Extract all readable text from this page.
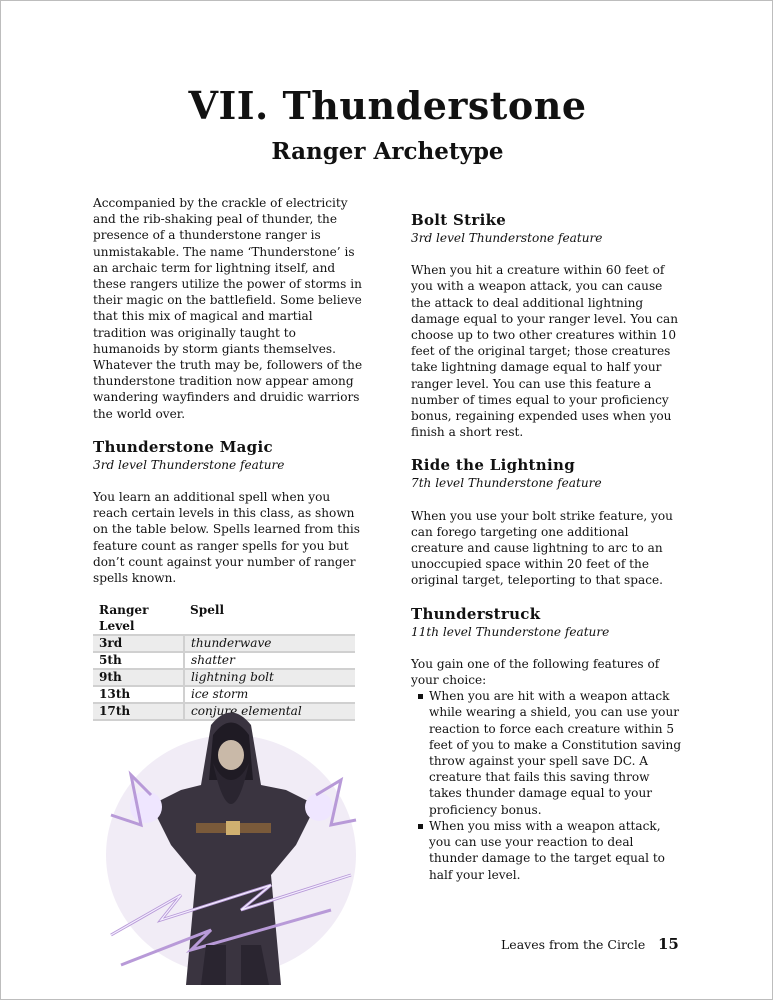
VII. Thunderstone
Ranger Archetype

Accompanied by the crackle of electricity and the rib-shaking peal of thunder, the presence of a thunderstone ranger is unmistakable. The name ‘Thunderstone’ is an archaic term for lightning itself, and these rangers utilize the power of storms in their magic on the battlefield. Some believe that this mix of magical and martial tradition was originally taught to humanoids by storm giants themselves. Whatever the truth may be, followers of the thunderstone tradition now appear among wandering wayfinders and druidic warriors the world over.

Thunderstone Magic
3rd level Thunderstone feature

You learn an additional spell when you reach certain levels in this class, as shown on the table below. Spells learned from this feature count as ranger spells for you but don’t count against your number of ranger spells known.

Ranger Level	Spell
3rd	thunderwave
5th	shatter
9th	lightning bolt
13th	ice storm
17th	conjure elemental
Bolt Strike
3rd level Thunderstone feature

When you hit a creature within 60 feet of you with a weapon attack, you can cause the attack to deal additional lightning damage equal to your ranger level. You can choose up to two other creatures within 10 feet of the original target; those creatures take lightning damage equal to half your ranger level. You can use this feature a number of times equal to your proficiency bonus, regaining expended uses when you finish a short rest.

Ride the Lightning
7th level Thunderstone feature

When you use your bolt strike feature, you can forego targeting one additional creature and cause lightning to arc to an unoccupied space within 20 feet of the original target, teleporting to that space.

Thunderstruck
11th level Thunderstone feature

You gain one of the following features of your choice:

When you are hit with a weapon attack while wearing a shield, you can use your reaction to force each creature within 5 feet of you to make a Constitution saving throw against your spell save DC. A creature that fails this saving throw takes thunder damage equal to your proficiency bonus.
When you miss with a weapon attack, you can use your reaction to deal thunder damage to the target equal to half your level.
Leaves from the Circle 15
